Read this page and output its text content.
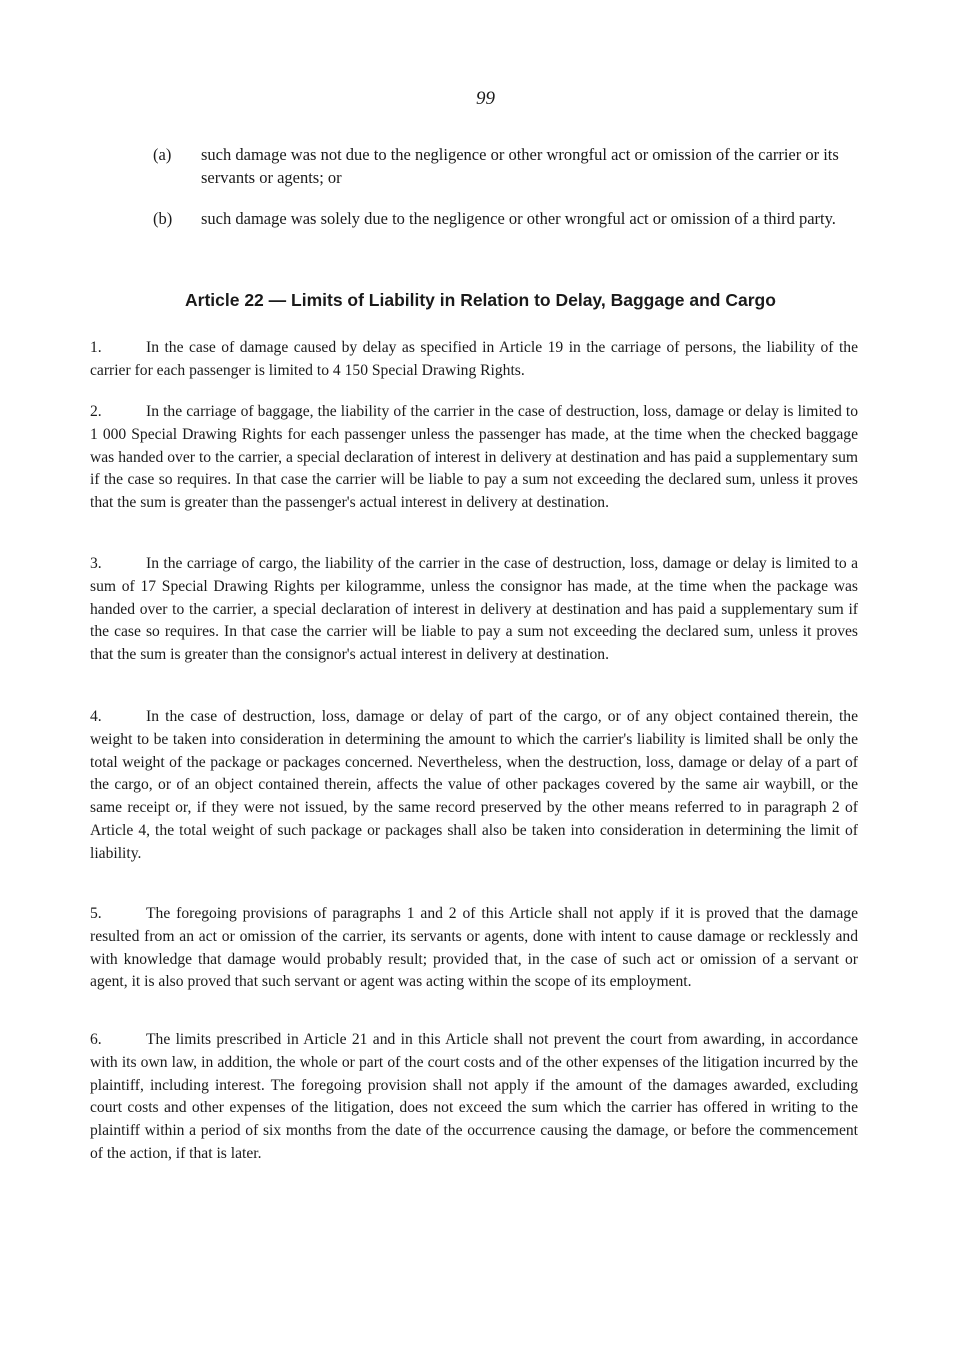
99
(a) such damage was not due to the negligence or other wrongful act or omission of the carrier or its servants or agents; or
(b) such damage was solely due to the negligence or other wrongful act or omission of a third party.
Article 22 — Limits of Liability in Relation to Delay, Baggage and Cargo
1.	In the case of damage caused by delay as specified in Article 19 in the carriage of persons, the liability of the carrier for each passenger is limited to 4 150 Special Drawing Rights.
2.	In the carriage of baggage, the liability of the carrier in the case of destruction, loss, damage or delay is limited to 1 000 Special Drawing Rights for each passenger unless the passenger has made, at the time when the checked baggage was handed over to the carrier, a special declaration of interest in delivery at destination and has paid a supplementary sum if the case so requires. In that case the carrier will be liable to pay a sum not exceeding the declared sum, unless it proves that the sum is greater than the passenger's actual interest in delivery at destination.
3.	In the carriage of cargo, the liability of the carrier in the case of destruction, loss, damage or delay is limited to a sum of 17 Special Drawing Rights per kilogramme, unless the consignor has made, at the time when the package was handed over to the carrier, a special declaration of interest in delivery at destination and has paid a supplementary sum if the case so requires. In that case the carrier will be liable to pay a sum not exceeding the declared sum, unless it proves that the sum is greater than the consignor's actual interest in delivery at destination.
4.	In the case of destruction, loss, damage or delay of part of the cargo, or of any object contained therein, the weight to be taken into consideration in determining the amount to which the carrier's liability is limited shall be only the total weight of the package or packages concerned. Nevertheless, when the destruction, loss, damage or delay of a part of the cargo, or of an object contained therein, affects the value of other packages covered by the same air waybill, or the same receipt or, if they were not issued, by the same record preserved by the other means referred to in paragraph 2 of Article 4, the total weight of such package or packages shall also be taken into consideration in determining the limit of liability.
5.	The foregoing provisions of paragraphs 1 and 2 of this Article shall not apply if it is proved that the damage resulted from an act or omission of the carrier, its servants or agents, done with intent to cause damage or recklessly and with knowledge that damage would probably result; provided that, in the case of such act or omission of a servant or agent, it is also proved that such servant or agent was acting within the scope of its employment.
6.	The limits prescribed in Article 21 and in this Article shall not prevent the court from awarding, in accordance with its own law, in addition, the whole or part of the court costs and of the other expenses of the litigation incurred by the plaintiff, including interest. The foregoing provision shall not apply if the amount of the damages awarded, excluding court costs and other expenses of the litigation, does not exceed the sum which the carrier has offered in writing to the plaintiff within a period of six months from the date of the occurrence causing the damage, or before the commencement of the action, if that is later.
